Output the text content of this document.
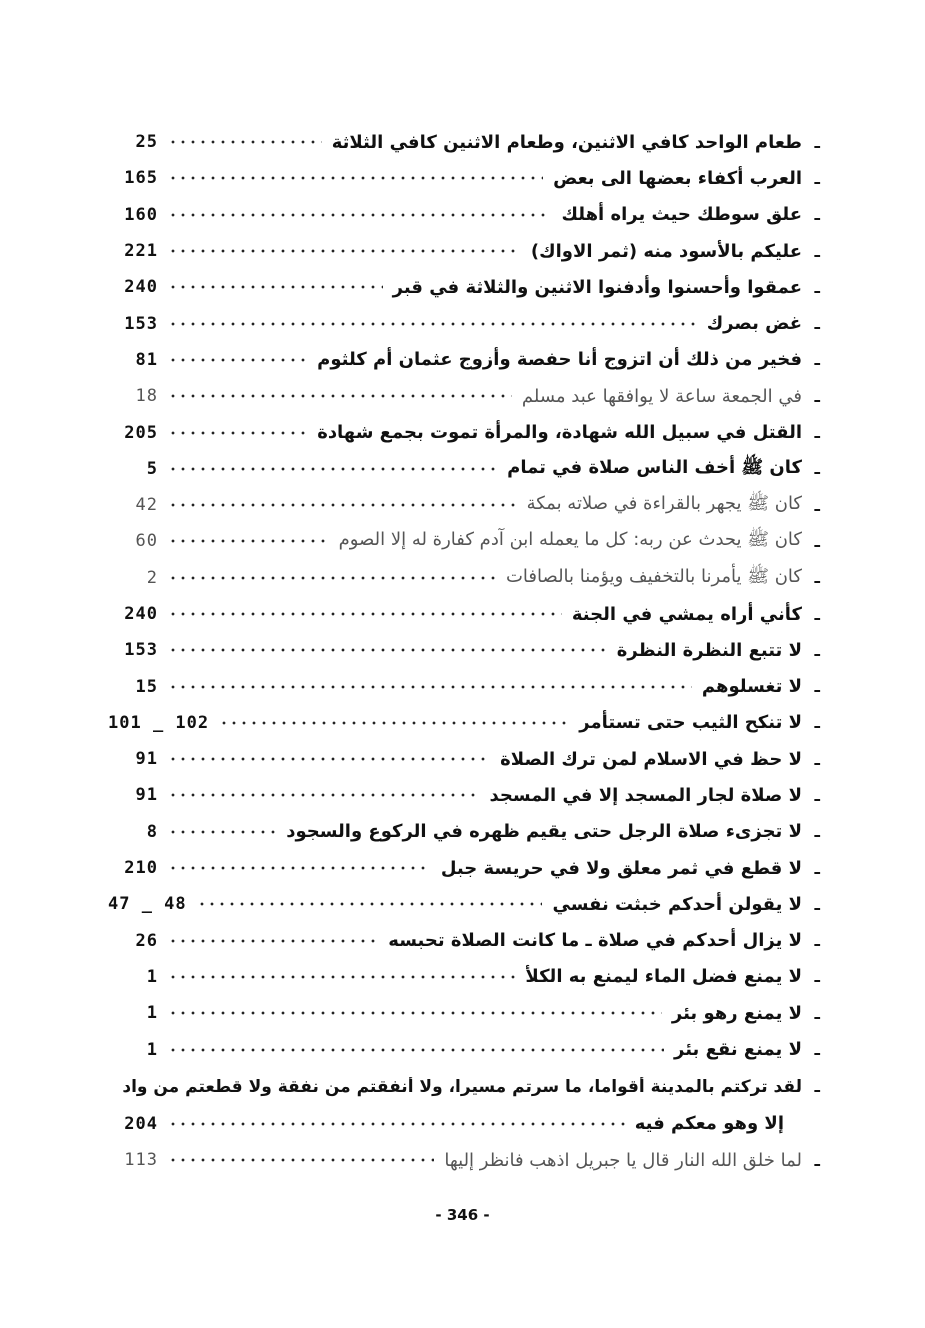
25	طعام الواحد كافي الاثنين، وطعام الاثنين كافي الثلاثة ـ
165	العرب أكفاء بعضها الى بعض ـ
160	علق سوطك حيث يراه أهلك ـ
221	عليكم بالأسود منه (ثمر الاواك) ـ
240	عمقوا وأحسنوا وأدفنوا الاثنين والثلاثة في قبر ـ
153	غض بصرك ـ
81	فخير من ذلك أن اتزوج أنا حفصة وأزوج عثمان أم كلثوم ـ
18	في الجمعة ساعة لا يوافقها عبد مسلم ـ
205	القتل في سبيل الله شهادة، والمرأة تموت بجمع شهادة ـ
5	كان ﷺ أخف الناس صلاة في تمام ـ
42	كان ﷺ يجهر بالقراءة في صلاته بمكة ـ
60	كان ﷺ يحدث عن ربه: كل ما يعمله ابن آدم كفارة له إلا الصوم ـ
2	كان ﷺ يأمرنا بالتخفيف ويؤمنا بالصافات ـ
240	كأني أراه يمشي في الجنة ـ
153	لا تتبع النظرة النظرة ـ
15	لا تغسلوهم ـ
101 _ 102	لا تنكح الثيب حتى تستأمر ـ
91	لا حظ في الاسلام لمن ترك الصلاة ـ
91	لا صلاة لجار المسجد إلا في المسجد ـ
8	لا تجزىء صلاة الرجل حتى يقيم ظهره في الركوع والسجود ـ
210	لا قطع في ثمر معلق ولا في حريسة جبل ـ
47 _ 48	لا يقولن أحدكم خبثت نفسي ـ
26	لا يزال أحدكم في صلاة ـ ما كانت الصلاة تحبسه ـ
1	لا يمنع فضل الماء ليمنع به الكلأ ـ
1	لا يمنع رهو بئر ـ
1	لا يمنع نقع بئر ـ
لقد تركتم بالمدينة أقواما، ما سرتم مسيرا، ولا أنفقتم من نفقة ولا قطعتم من واد ـ
204	إلا وهو معكم فيه
113	لما خلق الله النار قال يا جبريل اذهب فانظر إليها ـ
- 346 -
